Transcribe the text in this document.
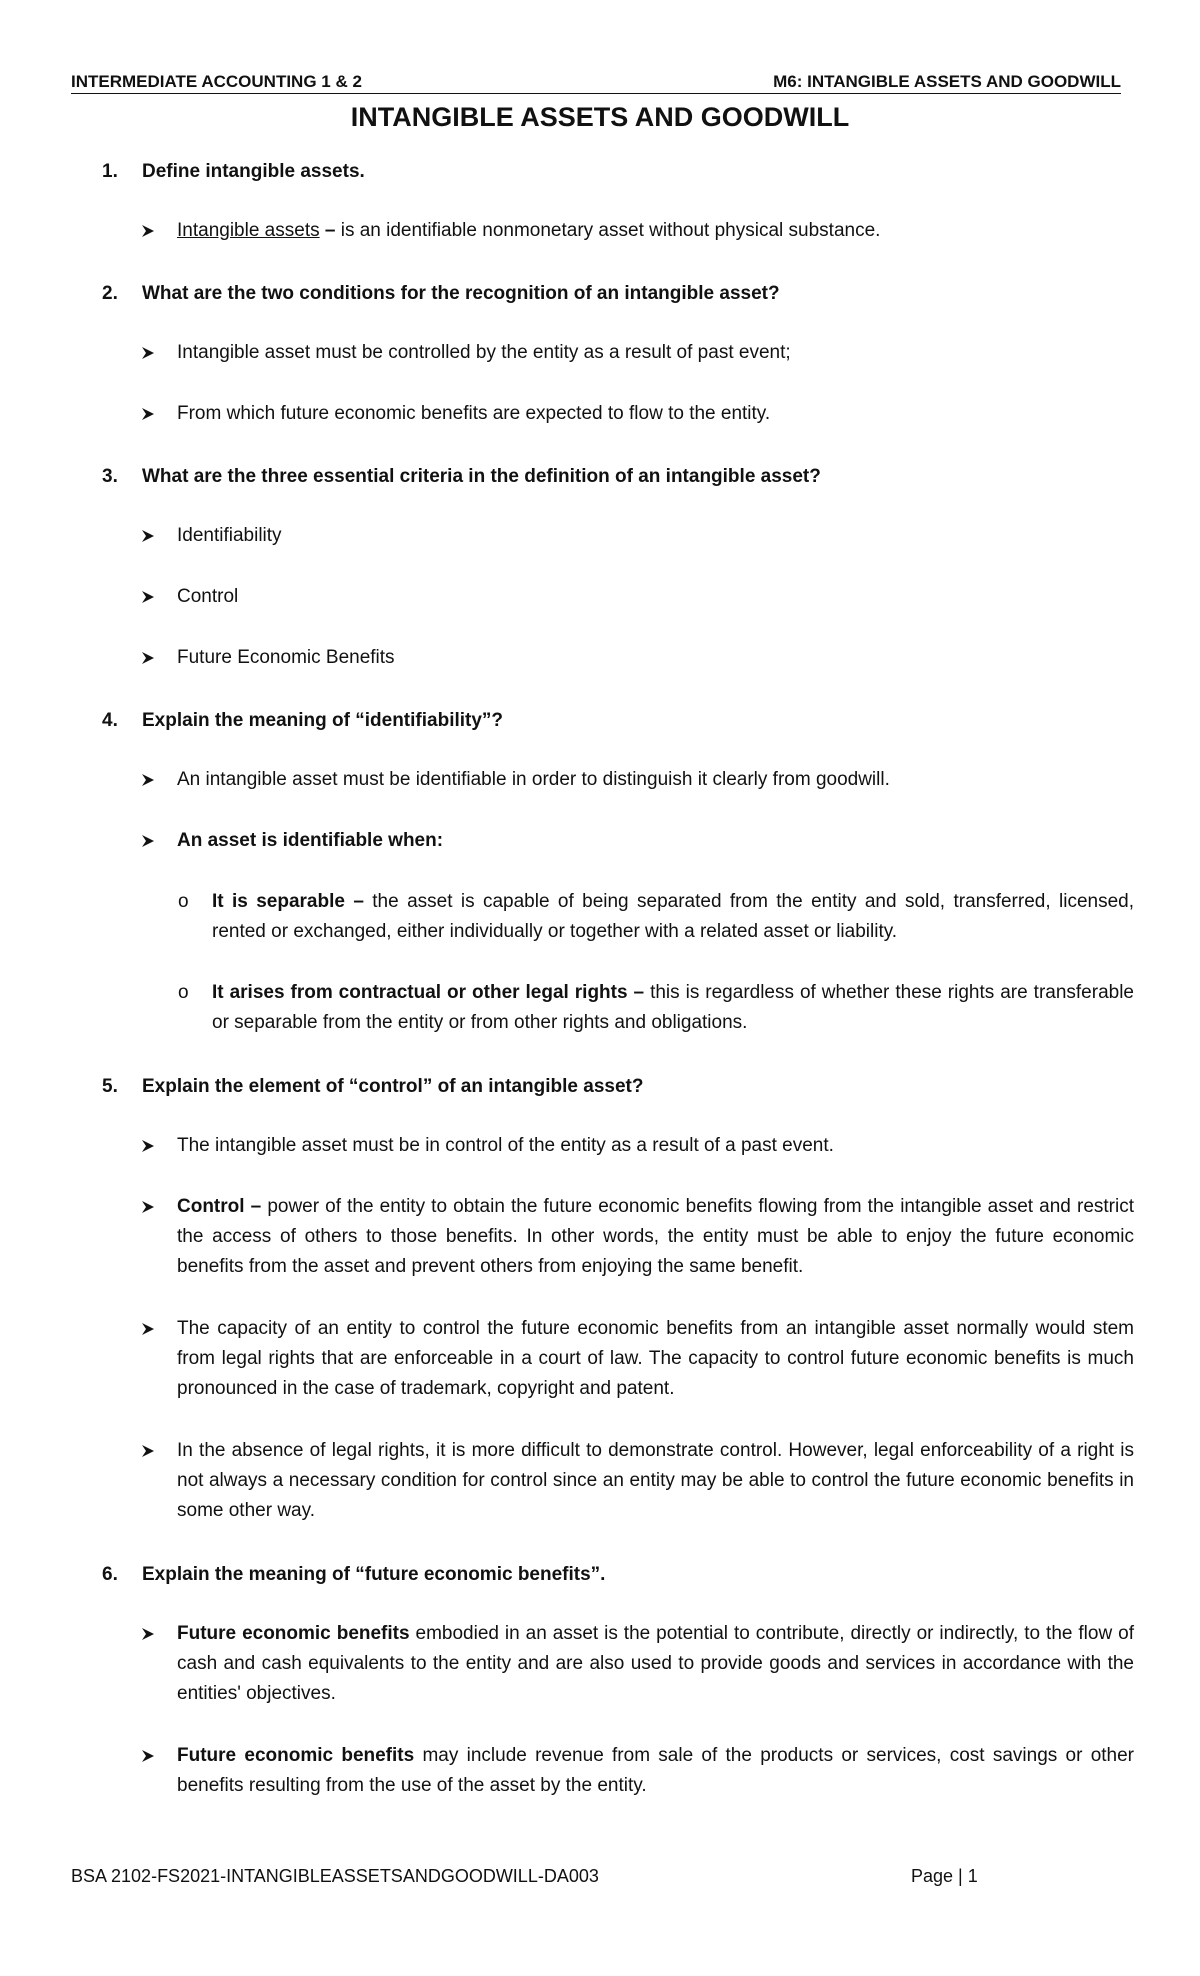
INTERMEDIATE ACCOUNTING 1 & 2	M6: INTANGIBLE ASSETS AND GOODWILL
INTANGIBLE ASSETS AND GOODWILL
1. Define intangible assets.
Intangible assets – is an identifiable nonmonetary asset without physical substance.
2. What are the two conditions for the recognition of an intangible asset?
Intangible asset must be controlled by the entity as a result of past event;
From which future economic benefits are expected to flow to the entity.
3. What are the three essential criteria in the definition of an intangible asset?
Identifiability
Control
Future Economic Benefits
4. Explain the meaning of “identifiability”?
An intangible asset must be identifiable in order to distinguish it clearly from goodwill.
An asset is identifiable when:
o	It is separable – the asset is capable of being separated from the entity and sold, transferred, licensed, rented or exchanged, either individually or together with a related asset or liability.
o	It arises from contractual or other legal rights – this is regardless of whether these rights are transferable or separable from the entity or from other rights and obligations.
5. Explain the element of “control” of an intangible asset?
The intangible asset must be in control of the entity as a result of a past event.
Control – power of the entity to obtain the future economic benefits flowing from the intangible asset and restrict the access of others to those benefits. In other words, the entity must be able to enjoy the future economic benefits from the asset and prevent others from enjoying the same benefit.
The capacity of an entity to control the future economic benefits from an intangible asset normally would stem from legal rights that are enforceable in a court of law. The capacity to control future economic benefits is much pronounced in the case of trademark, copyright and patent.
In the absence of legal rights, it is more difficult to demonstrate control. However, legal enforceability of a right is not always a necessary condition for control since an entity may be able to control the future economic benefits in some other way.
6. Explain the meaning of “future economic benefits”.
Future economic benefits embodied in an asset is the potential to contribute, directly or indirectly, to the flow of cash and cash equivalents to the entity and are also used to provide goods and services in accordance with the entities' objectives.
Future economic benefits may include revenue from sale of the products or services, cost savings or other benefits resulting from the use of the asset by the entity.
BSA 2102-FS2021-INTANGIBLEASSETSANDGOODWILL-DA003	Page | 1
